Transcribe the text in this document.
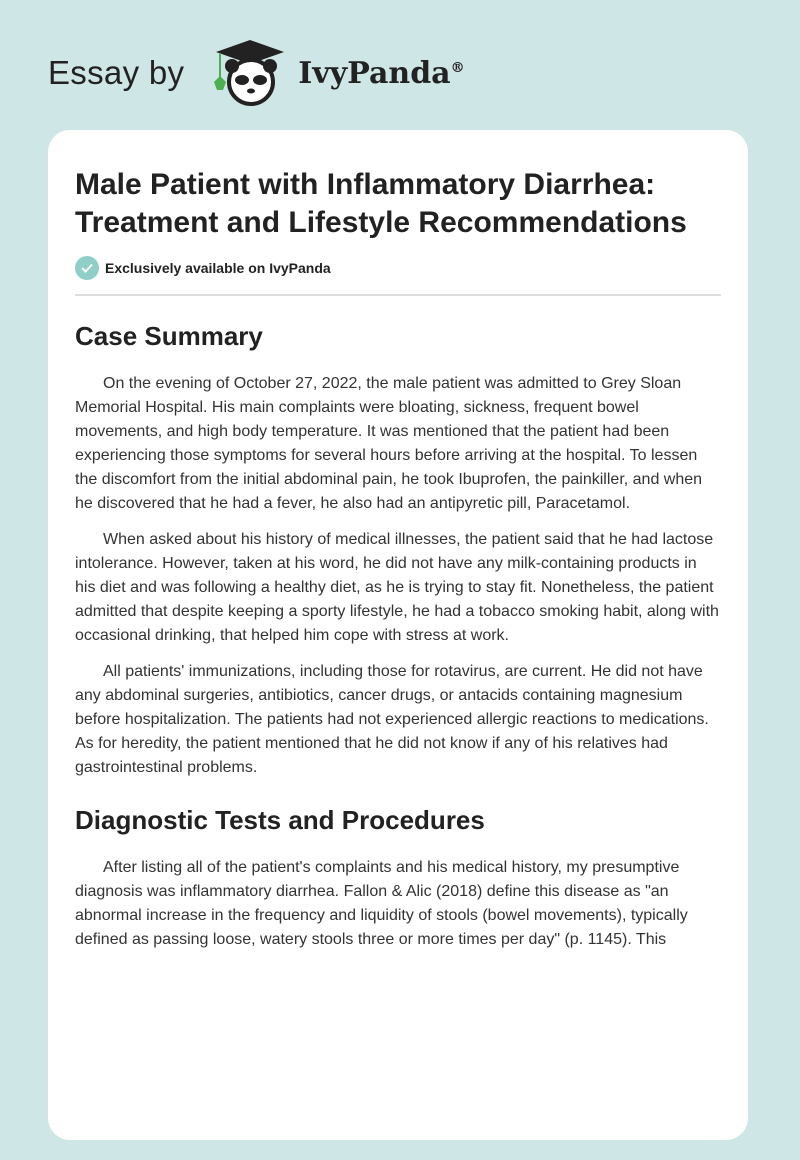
Essay by	IvyPanda®
Male Patient with Inflammatory Diarrhea: Treatment and Lifestyle Recommendations
Exclusively available on IvyPanda
Case Summary

On the evening of October 27, 2022, the male patient was admitted to Grey Sloan Memorial Hospital. His main complaints were bloating, sickness, frequent bowel movements, and high body temperature. It was mentioned that the patient had been experiencing those symptoms for several hours before arriving at the hospital. To lessen the discomfort from the initial abdominal pain, he took Ibuprofen, the painkiller, and when he discovered that he had a fever, he also had an antipyretic pill, Paracetamol.

When asked about his history of medical illnesses, the patient said that he had lactose intolerance. However, taken at his word, he did not have any milk-containing products in his diet and was following a healthy diet, as he is trying to stay fit. Nonetheless, the patient admitted that despite keeping a sporty lifestyle, he had a tobacco smoking habit, along with occasional drinking, that helped him cope with stress at work.

All patients' immunizations, including those for rotavirus, are current. He did not have any abdominal surgeries, antibiotics, cancer drugs, or antacids containing magnesium before hospitalization. The patients had not experienced allergic reactions to medications. As for heredity, the patient mentioned that he did not know if any of his relatives had gastrointestinal problems.

Diagnostic Tests and Procedures

After listing all of the patient's complaints and his medical history, my presumptive diagnosis was inflammatory diarrhea. Fallon & Alic (2018) define this disease as "an abnormal increase in the frequency and liquidity of stools (bowel movements), typically defined as passing loose, watery stools three or more times per day" (p. 1145). This
